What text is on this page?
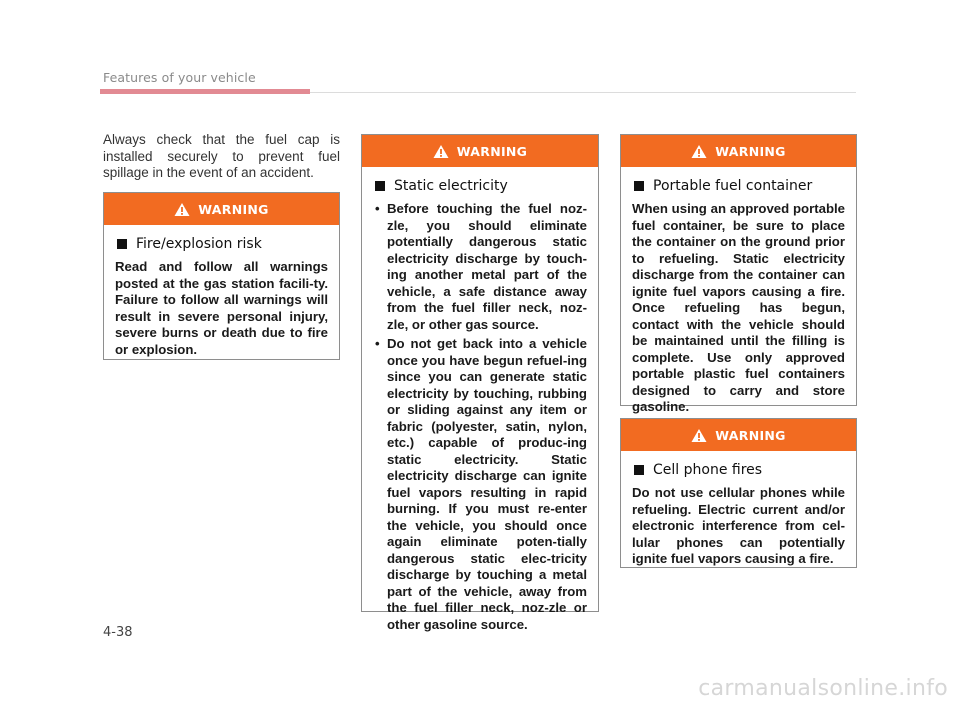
Features of your vehicle
Always check that the fuel cap is installed securely to prevent fuel spillage in the event of an accident.
WARNING
Fire/explosion risk
Read and follow all warnings posted at the gas station facili-ty. Failure to follow all warnings will result in severe personal injury, severe burns or death due to fire or explosion.
WARNING
Static electricity
• Before touching the fuel noz-zle, you should eliminate potentially dangerous static electricity discharge by touch-ing another metal part of the vehicle, a safe distance away from the fuel filler neck, noz-zle, or other gas source.
• Do not get back into a vehicle once you have begun refuel-ing since you can generate static electricity by touching, rubbing or sliding against any item or fabric (polyester, satin, nylon, etc.) capable of produc-ing static electricity. Static electricity discharge can ignite fuel vapors resulting in rapid burning. If you must re-enter the vehicle, you should once again eliminate poten-tially dangerous static elec-tricity discharge by touching a metal part of the vehicle, away from the fuel filler neck, noz-zle or other gasoline source.
WARNING
Portable fuel container
When using an approved portable fuel container, be sure to place the container on the ground prior to refueling. Static electricity discharge from the container can ignite fuel vapors causing a fire. Once refueling has begun, contact with the vehicle should be maintained until the filling is complete. Use only approved portable plastic fuel containers designed to carry and store gasoline.
WARNING
Cell phone fires
Do not use cellular phones while refueling. Electric current and/or electronic interference from cel-lular phones can potentially ignite fuel vapors causing a fire.
4-38
carmanualsonline.info
